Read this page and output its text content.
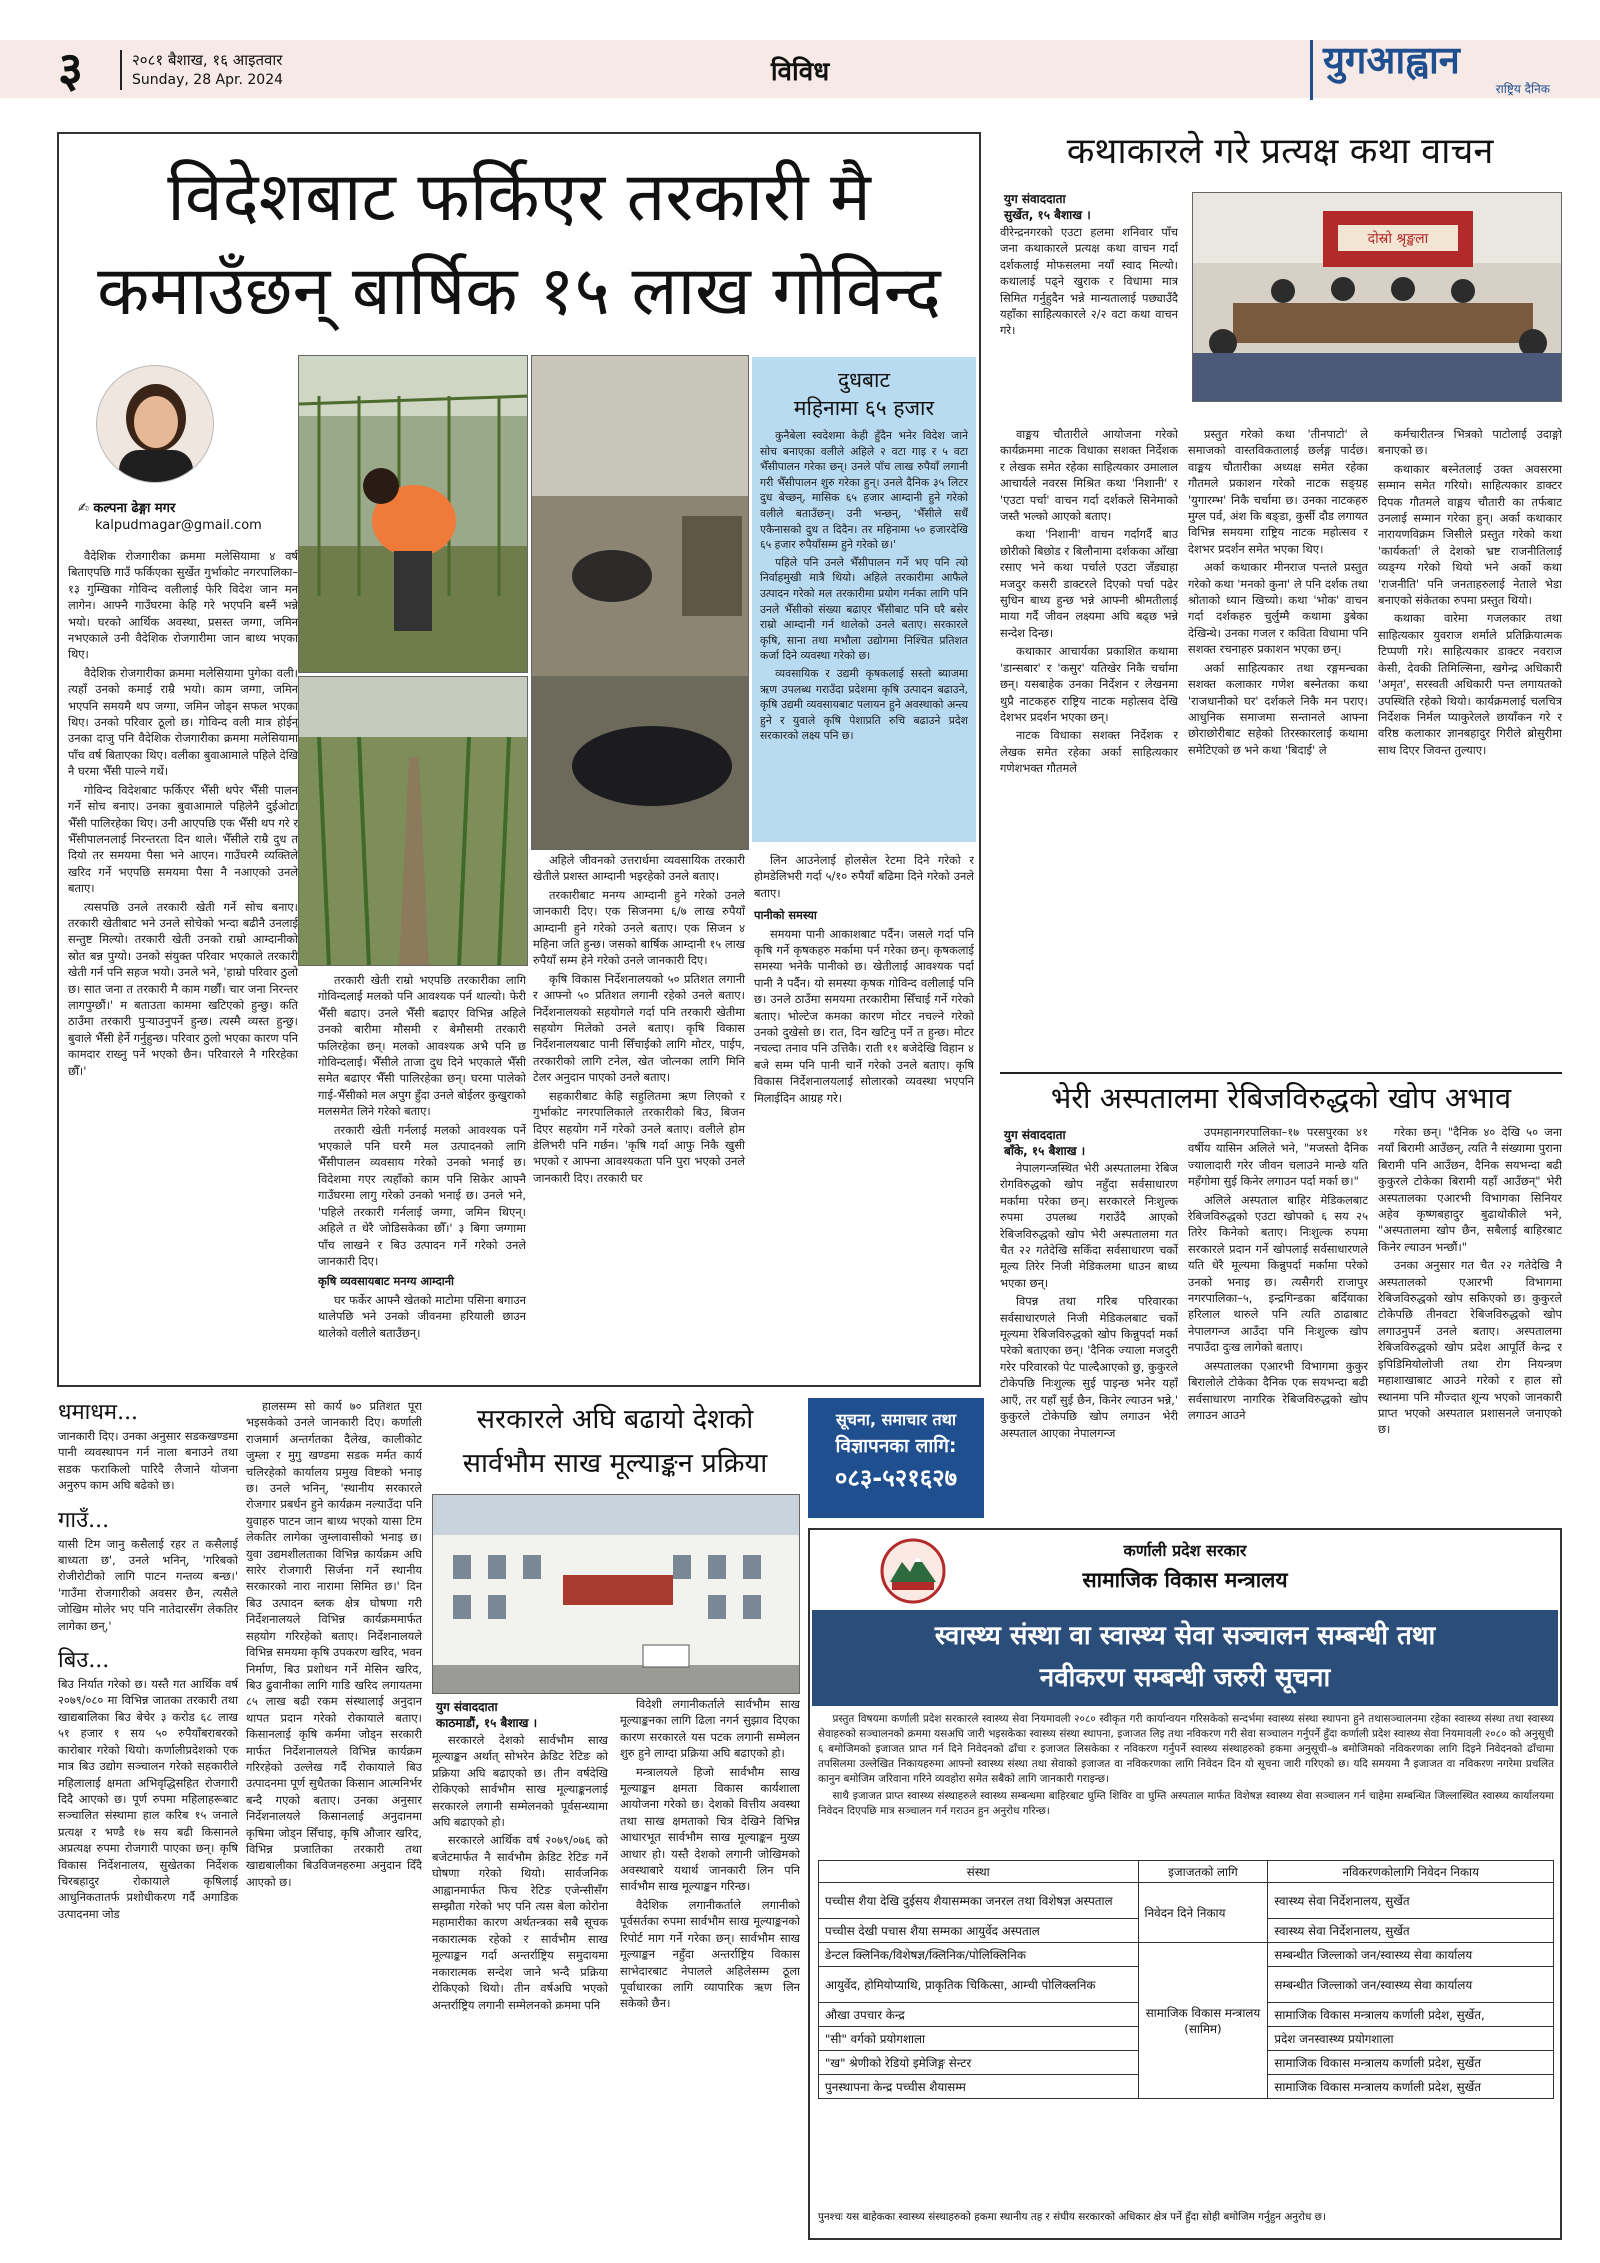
३	२०८१ बैशाख, १६ आइतवार
Sunday, 28 Apr. 2024	विविध	युगआह्वान
राष्ट्रिय दैनिक
विदेशबाट फर्किएर तरकारी मै
कमाउँछन् बार्षिक १५ लाख गोविन्द
✍ कल्पना ढेङ्गा मगर
kalpudmagar@gmail.com

वैदेशिक रोजगारीका क्रममा मलेसियामा ४ वर्ष बिताएपछि गाउँ फर्किएका सुर्खेत गुर्भाकोट नगरपालिका–१३ गुम्खिका गोविन्द वलीलाई फेरि विदेश जान मन लागेन। आफ्नै गाउँघरमा केहि गरे भएपनि बस्नैं भन्ने भयो। घरको आर्थिक अवस्था, प्रसस्त जग्गा, जमिन नभएकाले उनी वैदेशिक रोजगारीमा जान बाध्य भएका थिए।

वैदेशिक रोजगारीका क्रममा मलेसियामा पुगेका वली। त्यहाँ उनको कमाई राम्रै भयो। काम जग्गा, जमिन भएपनि समयमै थप जग्गा, जमिन जोड्न सफल भएका थिए। उनको परिवार ठूलो छ। गोविन्द वली मात्र होईन् उनका दाजु पनि वैदेशिक रोजगारीका क्रममा मलेसियामा पाँच वर्ष बिताएका थिए। वलीका बुवाआमाले पहिले देखि नै घरमा भैँसी पाल्ने गर्थे।

गोविन्द विदेशबाट फर्किएर भैँसी थपेर भैँसी पालन गर्ने सोच बनाए। उनका बुवाआमाले पहिलेनै दुईओटा भैँसी पालिरहेका थिए। उनी आएपछि एक भैँसी थप गरे र भैँसीपालनलाई निरन्तरता दिन थाले। भैँसीले राम्रै दुध त दियो तर समयमा पैसा भने आएन। गाउँघरमै व्यक्तिले खरिद गर्ने भएपछि समयमा पैसा नै नआएको उनले बताए।

त्यसपछि उनले तरकारी खेती गर्ने सोच बनाए। तरकारी खेतीबाट भने उनले सोचेको भन्दा बढीनै उनलाई सन्तुष्ट मिल्यो। तरकारी खेती उनको राम्रो आम्दानीको स्रोत बन्न पुग्यो। उनको संयुक्त परिवार भएकाले तरकारी खेती गर्न पनि सहज भयो। उनले भने, 'हाम्रो परिवार ठुलो छ। सात जना त तरकारी मै काम गर्छौं। चार जना निरन्तर लागपुग्छौं।' म बताउता काममा खटिएको हुन्छु। कति ठाउँमा तरकारी पुऱ्याउनुपर्ने हुन्छ। त्यस्मै व्यस्त हुन्छु। बुवाले भैँसी हेर्ने गर्नुहुन्छ। परिवार ठुलो भएका कारण पनि कामदार राख्नु पर्ने भएको छैन। परिवारले नै गरिरहेका छौँ।'

दुधबाट
महिनामा ६५ हजार

कुनैबेला स्वदेशमा केही हुँदैन भनेर विदेश जाने सोच बनाएका वलीले अहिले २ वटा गाइ र ५ वटा भैँसीपालन गरेका छन्। उनले पाँच लाख रुपैयाँ लगानी गरी भैँसीपालन शुरु गरेका हुन्। उनले दैनिक ३५ लिटर दुध बेच्छन्, मासिक ६५ हजार आम्दानी हुने गरेको वलीले बताउँछन्। उनी भन्छन्, 'भैँसीले सधैँ एकैनासको दुध त दिदैन। तर महिनामा ५० हजारदेखि ६५ हजार रुपैयाँसम्म हुने गरेको छ।'

पहिले पनि उनले भैँसीपालन गर्ने भए पनि त्यो निर्वाहमुखी मात्रै थियो। अहिले तरकारीमा आफैले उत्पादन गरेको मल तरकारीमा प्रयोग गर्नका लागि पनि उनले भैँसीको संख्या बढाएर भैँसीबाट पनि घरै बसेर राम्रो आम्दानी गर्न थालेको उनले बताए। सरकारले कृषि, साना तथा मभौला उद्योगमा निश्चित प्रतिशत कर्जा दिने व्यवस्था गरेको छ।

व्यवसायिक र उद्यमी कृषकलाई सस्तो ब्याजमा ऋण उपलब्ध गराउँदा प्रदेशमा कृषि उत्पादन बढाउने, कृषि उद्यमी व्यवसायबाट पलायन हुने अवस्थाको अन्त्य हुने र युवाले कृषि पेशाप्रति रुचि बढाउने प्रदेश सरकारको लक्ष्य पनि छ।

तरकारी खेती राम्रो भएपछि तरकारीका लागि गोविन्दलाई मलको पनि आवश्यक पर्न थाल्यो। फेरी भैँसी बढाए। उनले भैँसी बढाएर विभिन्न अहिले उनको बारीमा मौसमी र बेमौसमी तरकारी फलिरहेका छन्। मलको आवश्यक अभै पनि छ गोविन्दलाई। भैँसीले ताजा दुध दिने भएकाले भैँसी समेत बढाएर भैँसी पालिरहेका छन्। घरमा पालेको गाई-भैँसीको मल अपुग हुँदा उनले बोईलर कुखुराको मलसमेत लिने गरेको बताए।

तरकारी खेती गर्नलाई मलको आवश्यक पर्ने भएकाले पनि घरमै मल उत्पादनको लागि भैँसीपालन व्यवसाय गरेको उनको भनाई छ। विदेशमा गएर त्यहाँको काम पनि सिकेर आफ्नै गाउँघरमा लागु गरेको उनको भनाई छ। उनले भने, 'पहिले तरकारी गर्नलाई जग्गा, जमिन थिएन्। अहिले त धेरै जोडिसकेका छौँ।' ३ बिगा जग्गामा पाँच लाखने र बिउ उत्पादन गर्ने गरेको उनले जानकारी दिए।

कृषि व्यवसायबाट मनग्य आम्दानी

घर फर्केर आफ्नै खेतको माटोमा पसिना बगाउन थालेपछि भने उनको जीवनमा हरियाली छाउन थालेको वलीले बताउँछन्।

अहिले जीवनको उत्तरार्धमा व्यवसायिक तरकारी खेतीले प्रशस्त आम्दानी भइरहेको उनले बताए।

तरकारीबाट मनग्य आम्दानी हुने गरेको उनले जानकारी दिए। एक सिजनमा ६/७ लाख रुपैयाँ आम्दानी हुने गरेको उनले बताए। एक सिजन ४ महिना जति हुन्छ। जसको बार्षिक आम्दानी १५ लाख रुपैयाँ सम्म हेने गरेको उनले जानकारी दिए।

कृषि विकास निर्देशनालयको ५० प्रतिशत लगानी र आफ्नो ५० प्रतिशत लगानी रहेको उनले बताए। निर्देशनालयको सहयोगले गर्दा पनि तरकारी खेतीमा सहयोग मिलेको उनले बताए। कृषि विकास निर्देशनालयबाट पानी सिँचाईको लागि मोटर, पाईप, तरकारीको लागि टनेल, खेत जोत्नका लागि मिनि टेलर अनुदान पाएको उनले बताए।

सहकारीबाट केहि सहुलितमा ऋण लिएको र गुर्भाकोट नगरपालिकाले तरकारीको बिउ, बिजन दिएर सहयोग गर्ने गरेको उनले बताए। वलीले होम डेलिभरी पनि गर्छन। 'कृषि गर्दा आफु निकै खुसी भएको र आफ्ना आवश्यकता पनि पुरा भएको उनले जानकारी दिए। तरकारी घर

लिन आउनेलाई होलसेल रेटमा दिने गरेको र होमडेलिभरी गर्दा ५/१० रुपैयाँ बढिमा दिने गरेको उनले बताए।

पानीको समस्या

समयमा पानी आकाशबाट पर्दैन। जसले गर्दा पनि कृषि गर्ने कृषकहरु मर्कामा पर्न गरेका छन्। कृषकलाई समस्या भनेकै पानीको छ। खेतीलाई आवश्यक पर्दा पानी नै पर्दैन। यो समस्या कृषक गोविन्द वलीलाई पनि छ। उनले ठाउँमा समयमा तरकारीमा सिँचाई गर्ने गरेको बताए। भोल्टेज कमका कारण मोटर नचल्ने गरेको उनको दुखेसो छ। रात, दिन खटिनु पर्ने त हुन्छ। मोटर नचल्दा तनाव पनि उत्तिकै। राती ११ बजेदेखि विहान ४ बजे सम्म पनि पानी चार्ने गरेको उनले बताए। कृषि विकास निर्देशनालयलाई सोलारको व्यवस्था भएपनि मिलाईदिन आग्रह गरे।

कथाकारले गरे प्रत्यक्ष कथा वाचन
युग संवाददाता
सुर्खेत, १५ बैशाख ।

वीरेन्द्रनगरको एउटा हलमा शनिवार पाँच जना कथाकारले प्रत्यक्ष कथा वाचन गर्दा दर्शकलाई मोफसलमा नयाँ स्वाद मिल्यो। कथालाई पढ्ने खुराक र विधामा मात्र सिमित गर्नुहुदैन भन्ने मान्यतालाई पछ्याउँदै यहाँका साहित्यकारले २/२ वटा कथा वाचन गरे।

दोस्रो श्रृङ्खला

वाङ्मय चौतारीले आयोजना गरेको कार्यक्रममा नाटक विधाका सशक्त निर्देशक र लेखक समेत रहेका साहित्यकार उमालाल आचार्यले नवरस मिश्रित कथा 'निशानी' र 'एउटा पर्चा' वाचन गर्दा दर्शकले सिनेमाको जस्तै भल्को आएको बताए।

कथा 'निशानी' वाचन गर्दागर्दै बाउ छोरीको बिछोड र बिलौनामा दर्शकका आँखा रसाए भने कथा पर्चाले एउटा जँड्याहा मजदुर कसरी डाक्टरले दिएको पर्चा पढेर सुधिन बाध्य हुन्छ भन्ने आफ्नी श्रीमतीलाई माया गर्दै जीवन लक्ष्यमा अघि बढ्छ भन्ने सन्देश दिन्छ।

कथाकार आचार्यका प्रकाशित कथामा 'डान्सबार' र 'कसुर' यतिखेर निकै चर्चामा छन्। यसबाहेक उनका निर्देशन र लेखनमा थुप्रै नाटकहरु राष्ट्रिय नाटक महोत्सव देखि देशभर प्रदर्शन भएका छन्।

नाटक विधाका सशक्त निर्देशक र लेखक समेत रहेका अर्का साहित्यकार गणेशभक्त गौतमले

प्रस्तुत गरेको कथा 'तीनपाटो' ले समाजको वास्तविकतालाई छर्लङ्ग पार्दछ। वाङ्मय चौतारीका अध्यक्ष समेत रहेका गौतमले प्रकाशन गरेको नाटक सङ्ग्रह 'युगारम्भ' निकै चर्चामा छ। उनका नाटकहरु मुग्ल पर्व, अंश कि बङ्डा, कुर्सी दौड लगायत विभिन्न समयमा राष्ट्रिय नाटक महोत्सव र देशभर प्रदर्शन समेत भएका थिए।

अर्का कथाकार मीनराज पन्तले प्रस्तुत गरेको कथा 'मनको कुना' ले पनि दर्शक तथा श्रोताको ध्यान खिच्यो। कथा 'भोक' वाचन गर्दा दर्शकहरु चुर्लुम्मै कथामा डुबेका देखिन्थे। उनका गजल र कविता विधामा पनि सशक्त रचनाहरु प्रकाशन भएका छन्।

अर्का साहित्यकार तथा रङ्गमन्चका सशक्त कलाकार गणेश बस्नेतका कथा 'राजधानीको घर' दर्शकले निकै मन पराए। आधुनिक समाजमा सन्तानले आफ्ना छोराछोरीबाट सहेको तिरस्कारलाई कथामा समेटिएको छ भने कथा 'बिदाई' ले

कर्मचारीतन्त्र भित्रको पाटोलाई उदाङ्गो बनाएको छ।

कथाकार बस्नेतलाई उक्त अवसरमा सम्मान समेत गरियो। साहित्यकार डाक्टर दिपक गौतमले वाङ्मय चौतारी का तर्फबाट उनलाई सम्मान गरेका हुन्। अर्का कथाकार नारायणविक्रम जिसीले प्रस्तुत गरेको कथा 'कार्यकर्ता' ले देशको भ्रष्ट राजनीतिलाई व्यङ्ग्य गरेको थियो भने अर्को कथा 'राजनीति' पनि जनताहरुलाई नेताले भेडा बनाएको संकेतका रुपमा प्रस्तुत थियो।

कथाका वारेमा गजलकार तथा साहित्यकार युवराज शर्माले प्रतिक्रियात्मक टिप्पणी गरे। साहित्यकार डाक्टर नवराज केसी, देवकी तिमिल्सिना, खगेन्द्र अधिकारी 'अमृत', सरस्वती अधिकारी पन्त लगायतको उपस्थिति रहेको थियो। कार्यक्रमलाई चलचित्र निर्देशक निर्मल प्याकुरेलले छायाँकन गरे र वरिष्ठ कलाकार ज्ञानबहादुर गिरीले ब्रोसुरीमा साथ दिएर जिवन्त तुल्याए।

भेरी अस्पतालमा रेबिजविरुद्धको खोप अभाव
युग संवाददाता
बाँके, १५ बैशाख ।

नेपालगन्जस्थित भेरी अस्पतालमा रेबिज रोगविरुद्धको खोप नहुँदा सर्वसाधारण मर्कामा परेका छन्। सरकारले निःशुल्क रुपमा उपलब्ध गराउँदै आएको रेबिजविरुद्धको खोप भेरी अस्पतालमा गत चैत २२ गतेदेखि सकिँदा सर्वसाधारण चर्को मूल्य तिरेर निजी मेडिकलमा धाउन बाध्य भएका छन्।

विपन्न तथा गरिब परिवारका सर्वसाधारणले निजी मेडिकलबाट चर्को मूल्यमा रेबिजविरुद्धको खोप किन्नुपर्दा मर्का परेको बताएका छन्। 'दैनिक ज्याला मजदुरी गरेर परिवारको पेट पाल्दैआएको छु, कुकुरले टोकेपछि निःशुल्क सुई पाइन्छ भनेर यहाँ आएँ, तर यहाँ सुई छैन, किनेर ल्याउन भन्ने,' कुकुरले टोकेपछि खोप लगाउन भेरी अस्पताल आएका नेपालगन्ज

उपमहानगरपालिका–१७ परसपुरका ४१ वर्षीय यासिन अलिले भने, "मजस्तो दैनिक ज्यालादारी गरेर जीवन चलाउने मान्छे यति महँगोमा सुई किनेर लगाउन पर्दा मर्का छ।"

अलिले अस्पताल बाहिर मेडिकलबाट रेबिजविरुद्धको एउटा खोपको ६ सय २५ तिरेर किनेको बताए। निःशुल्क रुपमा सरकारले प्रदान गर्ने खोपलाई सर्वसाधारणले यति धेरै मूल्यमा किन्नुपर्दा मर्कामा परेको उनको भनाइ छ। त्यसैगरी राजापुर नगरपालिका–५, इन्द्रगिन्डका बर्दियाका हरिलाल थारुले पनि त्यति ठाढाबाट नेपालगन्ज आउँदा पनि निःशुल्क खोप नपाउँदा दुःख लागेको बताए।

अस्पतालका एआरभी विभागमा कुकुर बिरालोले टोकेका दैनिक एक सयभन्दा बढी सर्वसाधारण नागरिक रेबिजविरुद्धको खोप लगाउन आउने

गरेका छन्। "दैनिक ४० देखि ५० जना नयाँ बिरामी आउँछन्, त्यति नै संख्यामा पुराना बिरामी पनि आउँछन, दैनिक सयभन्दा बढी कुकुरले टोकेका बिरामी यहाँ आउँछन्" भेरी अस्पतालका एआरभी विभागका सिनियर अहेव कृष्णबहादुर बुढाथोकीले भने, "अस्पतालमा खोप छैन, सबैलाई बाहिरबाट किनेर ल्याउन भन्छौं।"

उनका अनुसार गत चैत २२ गतेदेखि नै अस्पतालको एआरभी विभागमा रेबिजविरुद्धको खोप सकिएको छ। कुकुरले टोकेपछि तीनवटा रेबिजविरुद्धको खोप लगाउनुपर्ने उनले बताए। अस्पतालमा रेबिजविरुद्धको खोप प्रदेश आपूर्ति केन्द्र र इपिडिमियोलोजी तथा रोग नियन्त्रण महाशाखाबाट आउने गरेको र हाल सो स्थानमा पनि मौज्दात शून्य भएको जानकारी प्राप्त भएको अस्पताल प्रशासनले जनाएको छ।

धमाधम...

जानकारी दिए। उनका अनुसार सडकखण्डमा पानी व्यवस्थापन गर्न नाला बनाउने तथा सडक फराकिलो पारिदै लैजाने योजना अनुरुप काम अघि बढेको छ।

गाउँ...

यासी टिम जानु कसैलाई रहर त कसैलाई बाध्यता छ', उनले भनिन्, 'गरिबको रोजीरोटीको लागि पाटन गन्तव्य बन्छ।' 'गाउँमा रोजगारीको अवसर छैन, त्यसैले जोखिम मोलेर भए पनि नातेदारसँग लेकतिर लागेका छन्,'

बिउ...

बिउ निर्यात गरेको छ। यस्तै गत आर्थिक वर्ष २०७९/०८० मा विभिन्न जातका तरकारी तथा खाद्यबालिका बिउ बेचेर ३ करोड ६८ लाख ५१ हजार १ सय ५० रुपैयाँबराबरको कारोबार गरेको थियो। कर्णालीप्रदेशको एक मात्र बिउ उद्योग सञ्चालन गरेको सहकारीले महिलालाई क्षमता अभिवृद्धिसहित रोजगारी दिदै आएको छ। पूर्ण रुपमा महिलाहरूबाट सञ्चालित संस्थामा हाल करिब १५ जनाले प्रत्यक्ष र भण्डै १७ सय बढी किसानले अप्रत्यक्ष रुपमा रोजगारी पाएका छन्। कृषि विकास निर्देशनालय, सुखेतका निर्देशक चिरबहादुर रोकायाले कृषिलाई आधुनिकतातर्फ प्रशोधीकरण गर्दै अगाडिक उत्पादनमा जोड

हालसम्म सो कार्य ७० प्रतिशत पूरा भइसकेको उनले जानकारी दिए। कर्णाली राजमार्ग अन्तर्गतका दैलेख, कालीकोट जुम्ला र मुगु खण्डमा सडक मर्मत कार्य चलिरहेको कार्यालय प्रमुख विष्टको भनाइ छ। उनले भनिन्, 'स्थानीय सरकारले रोजगार प्रबर्धन हुने कार्यक्रम नल्याउँदा पनि युवाहरु पाटन जान बाध्य भएको यासा टिम लेकतिर लागेका जुम्लावासीको भनाइ छ। युवा उद्यमशीलताका विभिन्न कार्यक्रम अघि सारेर रोजगारी सिर्जना गर्ने स्थानीय सरकारको नारा नारामा सिमित छ।' दिन बिउ उत्पादन ब्लक क्षेत्र घोषणा गरी निर्देशनालयले विभिन्न कार्यक्रममार्फत सहयोग गरिरहेको बताए। निर्देशनालयले विभिन्न समयमा कृषि उपकरण खरिद, भवन निर्माण, बिउ प्रशोधन गर्ने मेसिन खरिद, बिउ ढुवानीका लागि गाडि खरिद लगायतमा ८५ लाख बढी रकम संस्थालाई अनुदान थापत प्रदान गरेको रोकायाले बताए। किसानलाई कृषि कर्ममा जोड्न सरकारी मार्फत निर्देशनालयले विभिन्न कार्यक्रम गरिरहेको उल्लेख गर्दै रोकायाले बिउ उत्पादनमा पूर्ण सुधैतका किसान आत्मनिर्भर बन्दै गएको बताए। उनका अनुसार निर्देशनालयले किसानलाई अनुदानमा कृषिमा जोड्न सिँचाइ, कृषि औजार खरिद, विभिन्न प्रजातिका तरकारी तथा खाद्यबालीका बिउविजनहरुमा अनुदान दिँदै आएको छ।

सरकारले अघि बढायो देशको
सार्वभौम साख मूल्याङ्कन प्रक्रिया
युग संवाददाता
काठमाडौं, १५ बैशाख ।

सरकारले देशको सार्वभौम साख मूल्याङ्कन अर्थात् सोभरेन क्रेडिट रेटिङ को प्रक्रिया अघि बढाएको छ। तीन वर्षदेखि रोकिएको सार्वभौम साख मूल्याङ्कनलाई सरकारले लगानी सम्मेलनको पूर्वसन्ध्यामा अघि बढाएको हो।

सरकारले आर्थिक वर्ष २०७९/०७६ को बजेटमार्फत नै सार्वभौम क्रेडिट रेटिङ गर्ने घोषणा गरेको थियो। सार्वजनिक आह्वानमार्फत फिच रेटिङ एजेन्सीसँग सम्झौता गरेको भए पनि त्यस बेला कोरोना महामारीका कारण अर्थतन्त्रका सबै सूचक नकारात्मक रहेको र सार्वभौम साख मूल्याङ्कन गर्दा अन्तर्राष्ट्रिय समुदायमा नकारात्मक सन्देश जाने भन्दै प्रक्रिया रोकिएको थियो। तीन वर्षअघि भएको अन्तर्राष्ट्रिय लगानी सम्मेलनको क्रममा पनि

विदेशी लगानीकर्ताले सार्वभौम साख मूल्याङ्कनका लागि ढिला नगर्न सुझाव दिएका कारण सरकारले यस पटक लगानी सम्मेलन शुरु हुने लाग्दा प्रक्रिया अघि बढाएको हो।

मन्त्रालयले हिजो सार्वभौम साख मूल्याङ्कन क्षमता विकास कार्यशाला आयोजना गरेको छ। देशको वित्तीय अवस्था तथा साख क्षमताको चित्र देखिने विभिन्न आधारभूत सार्वभौम साख मूल्याङ्कन मुख्य आधार हो। यस्तै देशको लगानी जोखिमको अवस्थाबारे यथार्थ जानकारी लिन पनि सार्वभौम साख मूल्याङ्कन गरिन्छ।

वैदेशिक लगानीकर्ताले लगानीको पूर्वसर्तका रुपमा सार्वभौम साख मूल्याङ्कनको रिपोर्ट माग गर्ने गरेका छन्। सार्वभौम साख मूल्याङ्कन नहुँदा अन्तर्राष्ट्रिय विकास साभेदारबाट नेपालले अहिलेसम्म ठूला पूर्वाधारका लागि व्यापारिक ऋण लिन सकेको छैन।

सूचना, समाचार तथा
विज्ञापनका लागि:
०८३-५२१६२७
कर्णाली प्रदेश सरकार
सामाजिक विकास मन्त्रालय
स्वास्थ्य संस्था वा स्वास्थ्य सेवा सञ्चालन सम्बन्धी तथा
नवीकरण सम्बन्धी जरुरी सूचना

प्रस्तुत विषयमा कर्णाली प्रदेश सरकारले स्वास्थ्य सेवा नियमावली २०८० स्वीकृत गरी कार्यान्वयन गरिसकेको सन्दर्भमा स्वास्थ्य संस्था स्थापना हुने तथासञ्चालनमा रहेका स्वास्थ्य संस्था तथा स्वास्थ्य सेवाहरुको सञ्चालनको क्रममा यसअघि जारी भइसकेका स्वास्थ्य संस्था स्थापना, इजाजत लिइ तथा नविकरण गरी सेवा सञ्चालन गर्नुपर्ने हुँदा कर्णाली प्रदेश स्वास्थ्य सेवा नियमावली २०८० को अनुसूची ६ बमोजिमको इजाजत प्राप्त गर्न दिने निवेदनको ढाँचा र इजाजत लिसकेका र नविकरण गर्नुपर्ने स्वास्थ्य संस्थाहरुको हकमा अनुसूची–७ बमोजिमको नविकरणका लागि दिइने निवेदनको ढाँचामा तपसिलमा उल्लेखित निकायहरुमा आफ्नो स्वास्थ्य संस्था तथा सेवाको इजाजत वा नविकरणका लागि निवेदन दिन यो सूचना जारी गरिएको छ। यदि समयमा नै इजाजत वा नविकरण नगरेमा प्रचलित कानुन बमोजिम जरिवाना गरिने व्यवहोरा समेत सबैको लागि जानकारी गराइन्छ।

साथै इजाजत प्राप्त स्वास्थ्य संस्थाहरुले स्वास्थ्य सम्बन्धमा बाहिरबाट घुम्ति शिविर वा घुम्ति अस्पताल मार्फत विशेषज्ञ स्वास्थ्य सेवा सञ्चालन गर्न चाहेमा सम्बन्धित जिल्लास्थित स्वास्थ्य कार्यालयमा निवेदन दिएपछि मात्र सञ्चालन गर्न गराउन हुन अनुरोध गरिन्छ।

संस्था	इजाजतको लागि	नविकरणकोलागि निवेदन निकाय
पच्चीस शैया देखि दुईसय शैयासम्मका जनरल तथा विशेषज्ञ अस्पताल	निवेदन दिने निकाय	स्वास्थ्य सेवा निर्देशनालय, सुर्खेत
पच्चीस देखी पचास शैया सम्मका आयुर्वेद अस्पताल		स्वास्थ्य सेवा निर्देशनालय, सुर्खेत
डेन्टल क्लिनिक/विशेषज्ञ/क्लिनिक/पोलिक्लिनिक	सामाजिक विकास मन्त्रालय (सामिम)	सम्बन्धीत जिल्लाको जन/स्वास्थ्य सेवा कार्यालय
आयुर्वेद, होमियोप्याथि, प्राकृतिक चिकित्सा, आम्ची पोलिक्लनिक		सम्बन्धीत जिल्लाको जन/स्वास्थ्य सेवा कार्यालय
औखा उपचार केन्द्र		सामाजिक विकास मन्त्रालय कर्णाली प्रदेश, सुर्खेत,
"सी" वर्गको प्रयोगशाला		प्रदेश जनस्वास्थ्य प्रयोगशाला
"ख" श्रेणीको रेडियो इमेजिङ्ग सेन्टर		सामाजिक विकास मन्त्रालय कर्णाली प्रदेश, सुर्खेत
पुनस्थापना केन्द्र पच्चीस शैयासम्म		सामाजिक विकास मन्त्रालय कर्णाली प्रदेश, सुर्खेत
पुनश्चः यस बाहेकका स्वास्थ्य संस्थाहरुको हकमा स्थानीय तह र संघीय सरकारको अधिकार क्षेत्र पर्ने हुँदा सोही बमोजिम गर्नुहुन अनुरोध छ।
